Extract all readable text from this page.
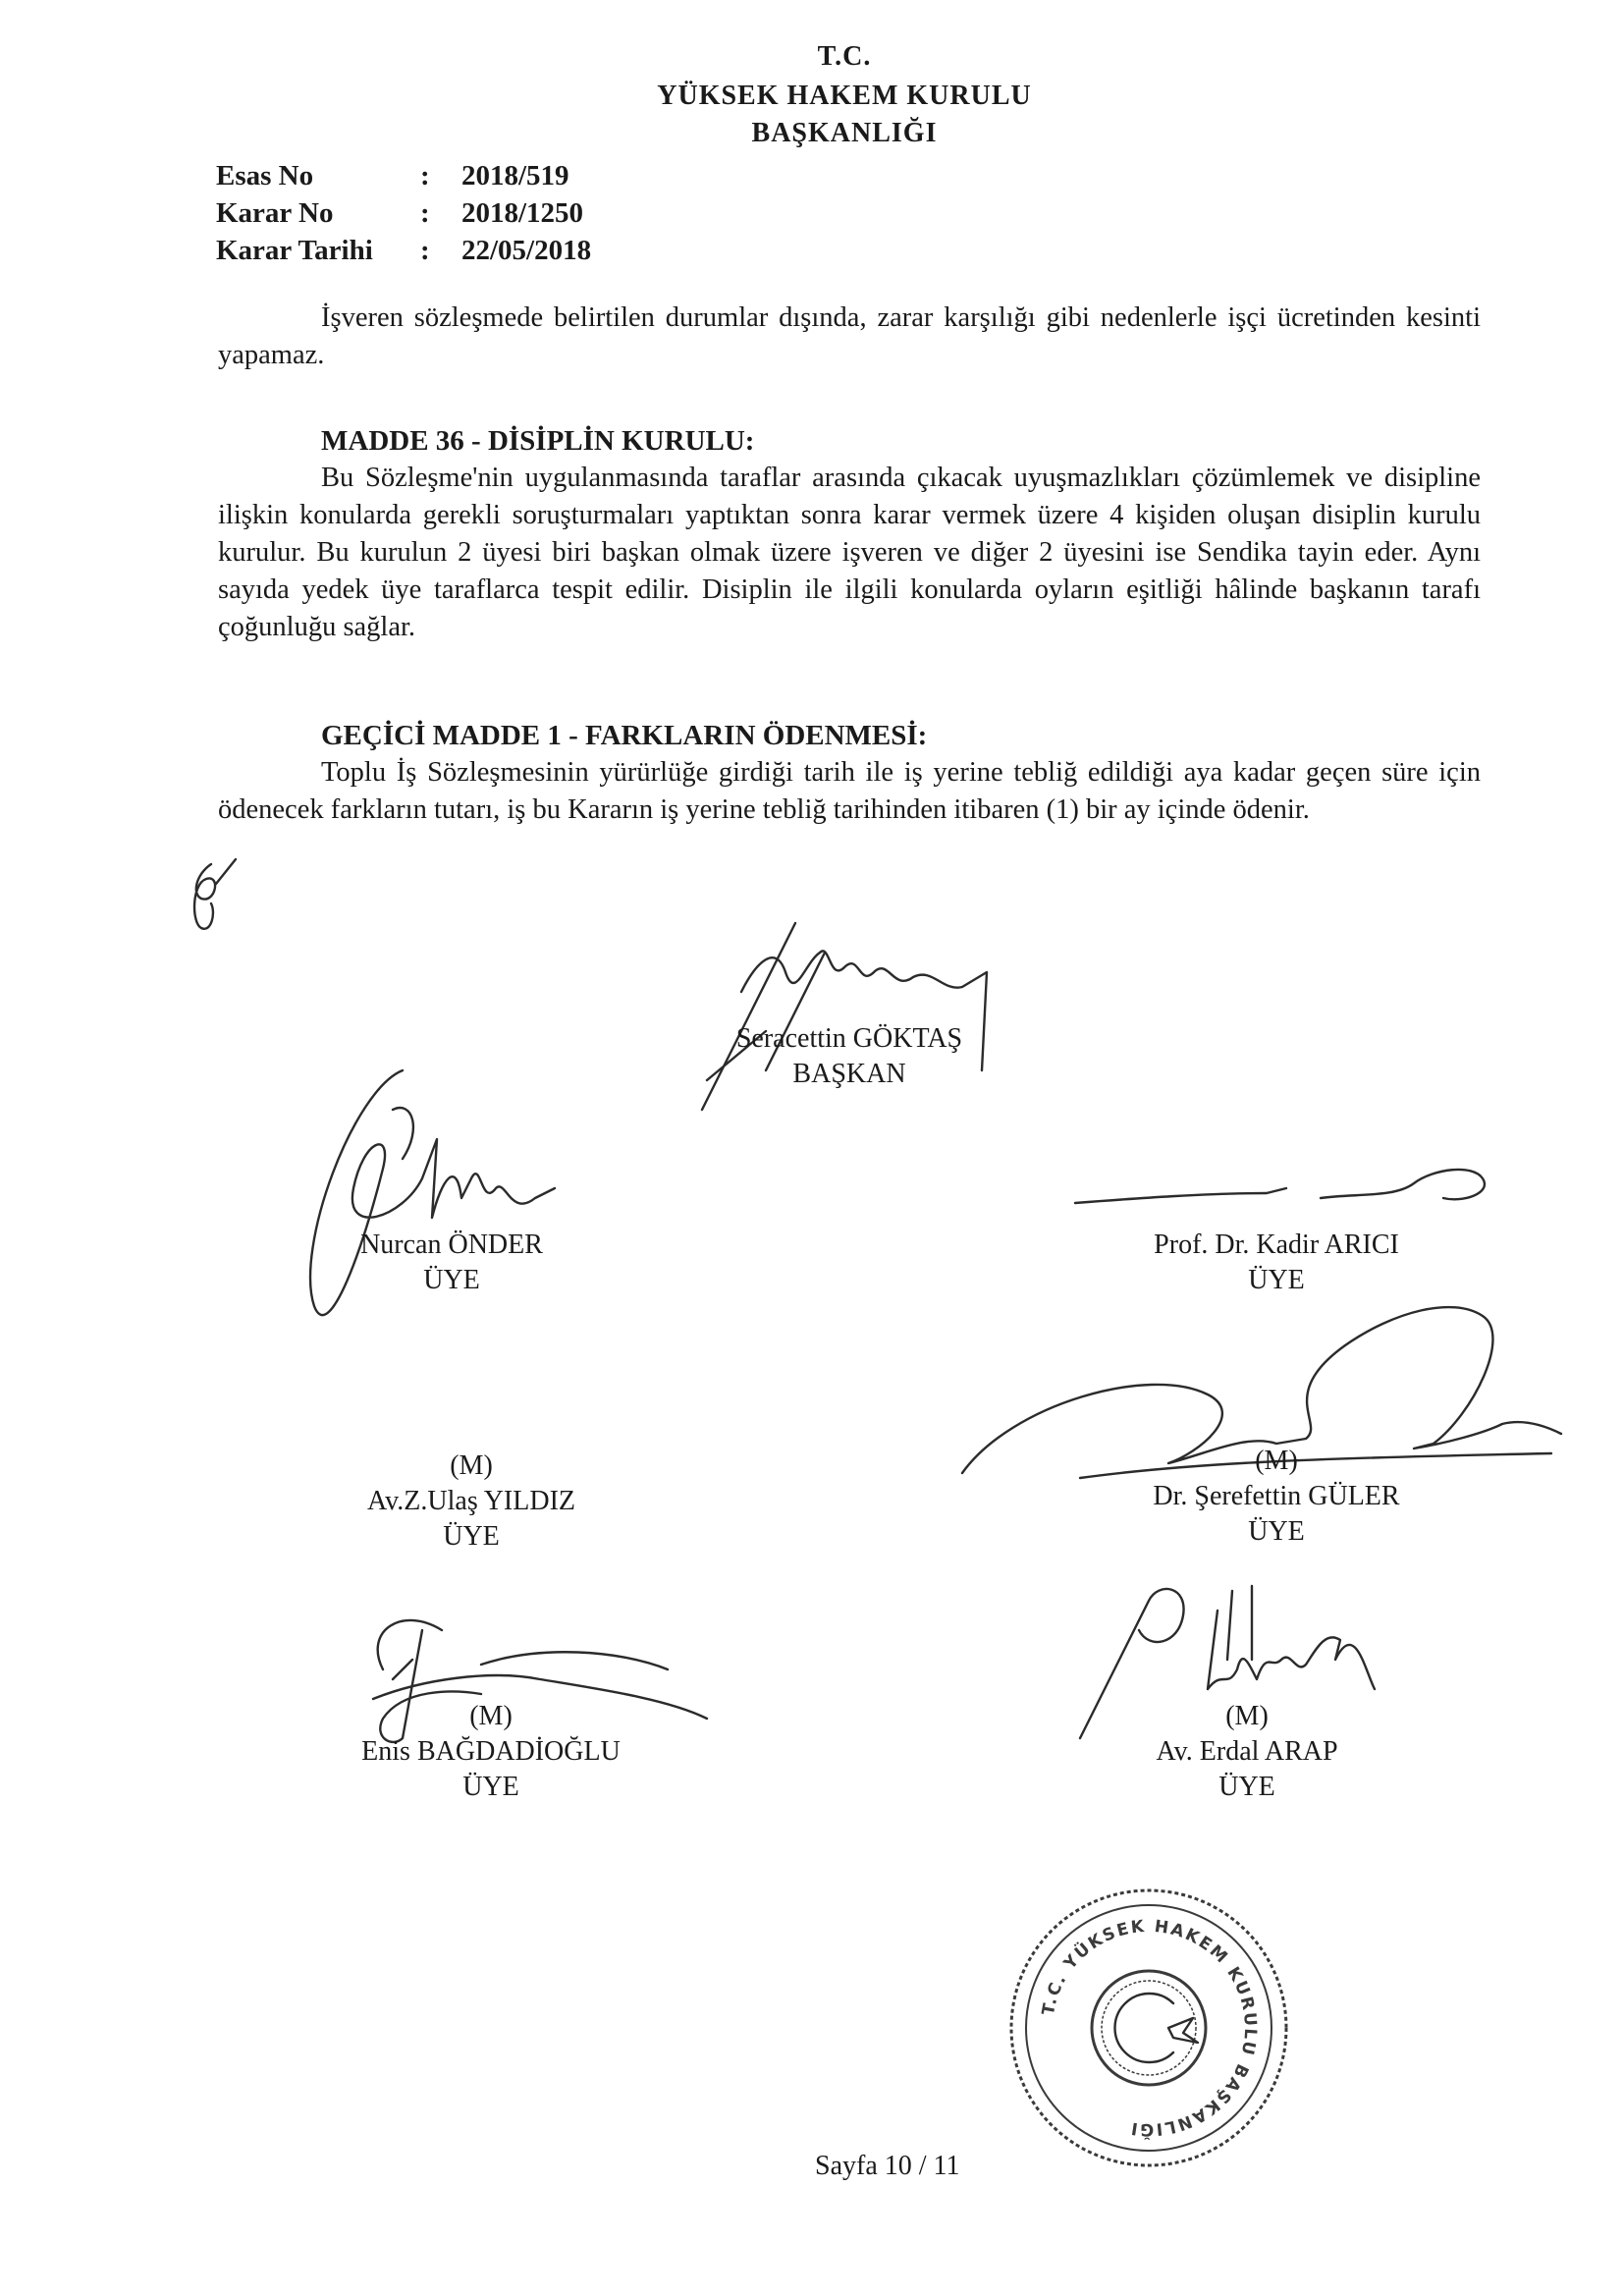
T.C.
YÜKSEK HAKEM KURULU
BAŞKANLIĞI
Esas No	:	2018/519
Karar No	:	2018/1250
Karar Tarihi	:	22/05/2018

İşveren sözleşmede belirtilen durumlar dışında, zarar karşılığı gibi nedenlerle işçi ücretinden kesinti yapamaz.

MADDE 36 - DİSİPLİN KURULU:

Bu Sözleşme'nin uygulanmasında taraflar arasında çıkacak uyuşmazlıkları çözümlemek ve disipline ilişkin konularda gerekli soruşturmaları yaptıktan sonra karar vermek üzere 4 kişiden oluşan disiplin kurulu kurulur. Bu kurulun 2 üyesi biri başkan olmak üzere işveren ve diğer 2 üyesini ise Sendika tayin eder. Aynı sayıda yedek üye taraflarca tespit edilir. Disiplin ile ilgili konularda oyların eşitliği hâlinde başkanın tarafı çoğunluğu sağlar.

GEÇİCİ MADDE 1 - FARKLARIN ÖDENMESİ:

Toplu İş Sözleşmesinin yürürlüğe girdiği tarih ile iş yerine tebliğ edildiği aya kadar geçen süre için ödenecek farkların tutarı, iş bu Kararın iş yerine tebliğ tarihinden itibaren (1) bir ay içinde ödenir.

Seracettin GÖKTAŞ
BAŞKAN
Nurcan ÖNDER
ÜYE
Prof. Dr. Kadir ARICI
ÜYE
(M)
Av.Z.Ulaş YILDIZ
ÜYE
(M)
Dr. Şerefettin GÜLER
ÜYE
(M)
Enis BAĞDADİOĞLU
ÜYE
(M)
Av. Erdal ARAP
ÜYE
T.C. YÜKSEK HAKEM KURULU BAŞKANLIĞI
Sayfa 10 / 11
